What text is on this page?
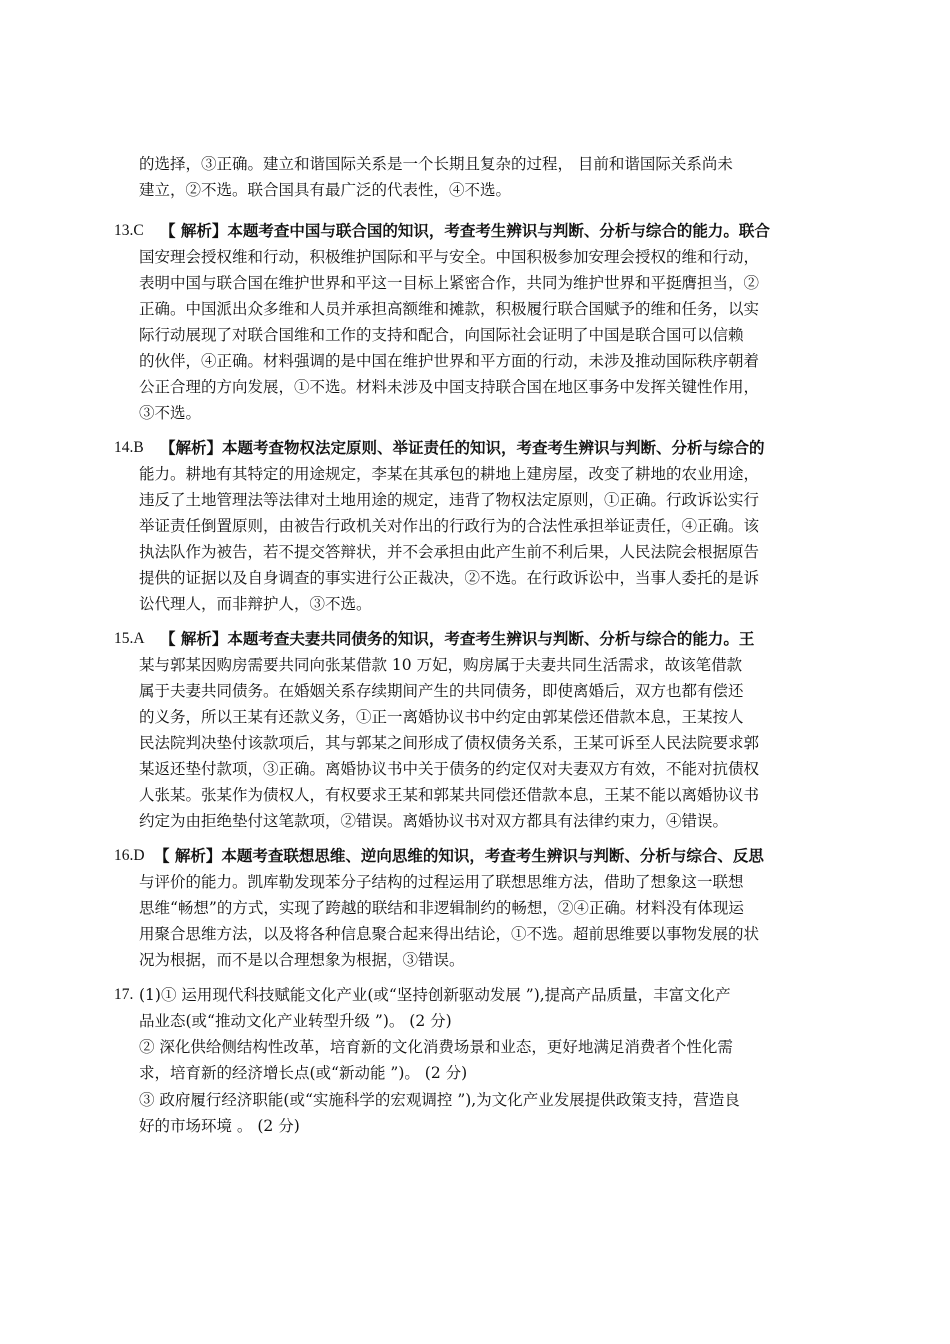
的选择，③正确。建立和谐国际关系是一个长期且复杂的过程， 目前和谐国际关系尚未
建立，②不选。联合国具有最广泛的代表性，④不选。
13.C 【 解析】本题考查中国与联合国的知识，考查考生辨识与判断、分析与综合的能力。联合
国安理会授权维和行动，积极维护国际和平与安全。中国积极参加安理会授权的维和行动，
表明中国与联合国在维护世界和平这一目标上紧密合作，共同为维护世界和平挺膺担当，②
正确。中国派出众多维和人员并承担高额维和摊款，积极履行联合国赋予的维和任务，以实
际行动展现了对联合国维和工作的支持和配合，向国际社会证明了中国是联合国可以信赖
的伙伴，④正确。材料强调的是中国在维护世界和平方面的行动，未涉及推动国际秩序朝着
公正合理的方向发展，①不选。材料未涉及中国支持联合国在地区事务中发挥关键性作用，
③不选。
14.B 【解析】本题考查物权法定原则、举证责任的知识，考查考生辨识与判断、分析与综合的
能力。耕地有其特定的用途规定，李某在其承包的耕地上建房屋，改变了耕地的农业用途，
违反了土地管理法等法律对土地用途的规定，违背了物权法定原则，①正确。行政诉讼实行
举证责任倒置原则，由被告行政机关对作出的行政行为的合法性承担举证责任，④正确。该
执法队作为被告，若不提交答辩状，并不会承担由此产生前不利后果，人民法院会根据原告
提供的证据以及自身调查的事实进行公正裁决，②不选。在行政诉讼中，当事人委托的是诉
讼代理人，而非辩护人，③不选。
15.A 【 解析】本题考查夫妻共同债务的知识，考查考生辨识与判断、分析与综合的能力。王
某与郭某因购房需要共同向张某借款 10 万妃，购房属于夫妻共同生活需求，故该笔借款
属于夫妻共同债务。在婚姻关系存续期间产生的共同债务，即使离婚后，双方也都有偿还
的义务，所以王某有还款义务，①正一离婚协议书中约定由郭某偿还借款本息，王某按人
民法院判决垫付该款项后，其与郭某之间形成了债权债务关系，王某可诉至人民法院要求郭
某返还垫付款项，③正确。离婚协议书中关于债务的约定仅对夫妻双方有效，不能对抗债权
人张某。张某作为债权人，有权要求王某和郭某共同偿还借款本息，王某不能以离婚协议书
约定为由拒绝垫付这笔款项，②错误。离婚协议书对双方都具有法律约束力，④错误。
16.D 【 解析】本题考查联想思维、逆向思维的知识，考查考生辨识与判断、分析与综合、反思
与评价的能力。凯库勒发现苯分子结构的过程运用了联想思维方法，借助了想象这一联想
思维“畅想”的方式，实现了跨越的联结和非逻辑制约的畅想，②④正确。材料没有体现运
用聚合思维方法，以及将各种信息聚合起来得出结论，①不选。超前思维要以事物发展的状
况为根据，而不是以合理想象为根据，③错误。
17. (1)① 运用现代科技赋能文化产业(或“坚持创新驱动发展 ”),提高产品质量，丰富文化产
品业态(或“推动文化产业转型升级 ”)。 (2 分)
② 深化供给侧结构性改革，培育新的文化消费场景和业态，更好地满足消费者个性化需
求，培育新的经济增长点(或“新动能 ”)。 (2 分)
③ 政府履行经济职能(或“实施科学的宏观调控 ”),为文化产业发展提供政策支持，营造良
好的市场环境 。 (2 分)
